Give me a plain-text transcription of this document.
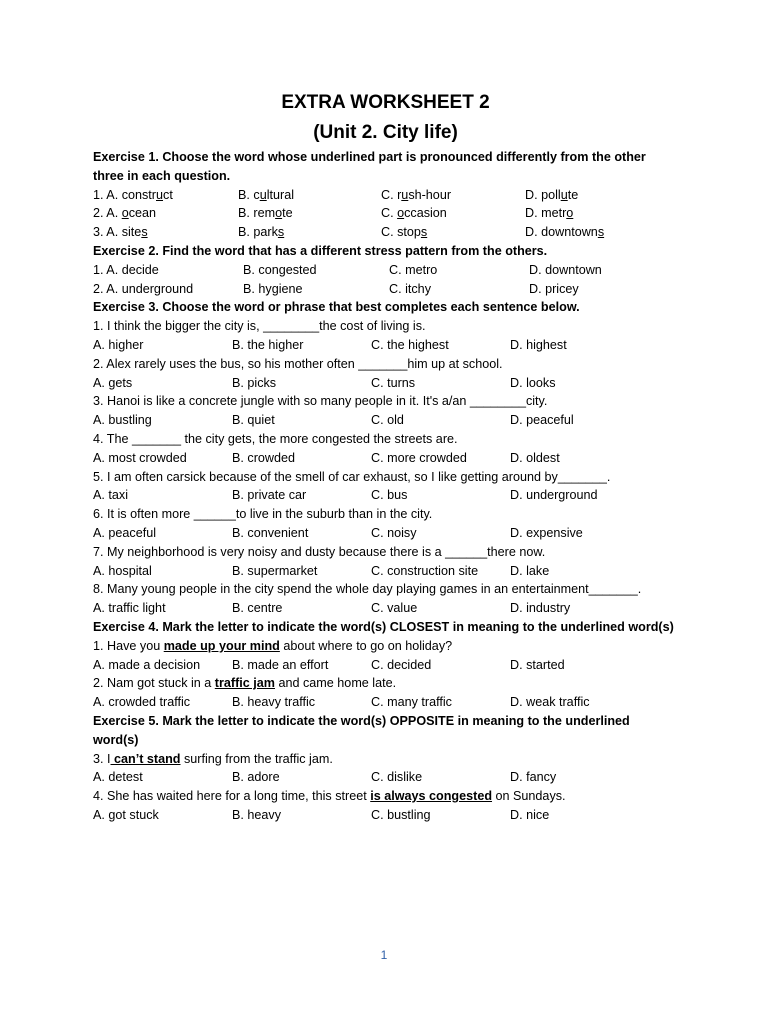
EXTRA WORKSHEET 2
(Unit 2. City life)
Exercise 1. Choose the word whose underlined part is pronounced differently from the other three in each question.
1. A. construct	B. cultural	C. rush-hour	D. pollute
2. A. ocean	B. remote	C. occasion	D. metro
3. A. sites	B. parks	C. stops	D. downtowns
Exercise 2. Find the word that has a different stress pattern from the others.
1. A. decide	B. congested	C. metro	D. downtown
2. A. underground	B. hygiene	C. itchy	D. pricey
Exercise 3. Choose the word or phrase that best completes each sentence below.
1. I think the bigger the city is, ________the cost of living is.
A. higher	B. the higher	C. the highest	D. highest
2. Alex rarely uses the bus, so his mother often _______him up at school.
A. gets	B. picks	C. turns	D. looks
3. Hanoi is like a concrete jungle with so many people in it. It's a/an ________city.
A. bustling	B. quiet	C. old	D. peaceful
4. The _______ the city gets, the more congested the streets are.
A. most crowded	B. crowded	C. more crowded	D. oldest
5. I am often carsick because of the smell of car exhaust, so I like getting around by_______.
A. taxi	B. private car	C. bus	D. underground
6. It is often more ______to live in the suburb than in the city.
A. peaceful	B. convenient	C. noisy	D. expensive
7. My neighborhood is very noisy and dusty because there is a ______there now.
A. hospital	B. supermarket	C. construction site	D. lake
8. Many young people in the city spend the whole day playing games in an entertainment_______.
A. traffic light	B. centre	C. value	D. industry
Exercise 4. Mark the letter to indicate the word(s) CLOSEST in meaning to the underlined word(s)
1. Have you made up your mind about where to go on holiday?
A. made a decision	B. made an effort	C. decided	D. started
2. Nam got stuck in a traffic jam and came home late.
A. crowded traffic	B. heavy traffic	C. many traffic	D. weak traffic
Exercise 5. Mark the letter to indicate the word(s) OPPOSITE in meaning to the underlined word(s)
3. I can’t stand surfing from the traffic jam.
A. detest	B. adore	C. dislike	D. fancy
4. She has waited here for a long time, this street is always congested on Sundays.
A. got stuck	B. heavy	C. bustling	D. nice
1
